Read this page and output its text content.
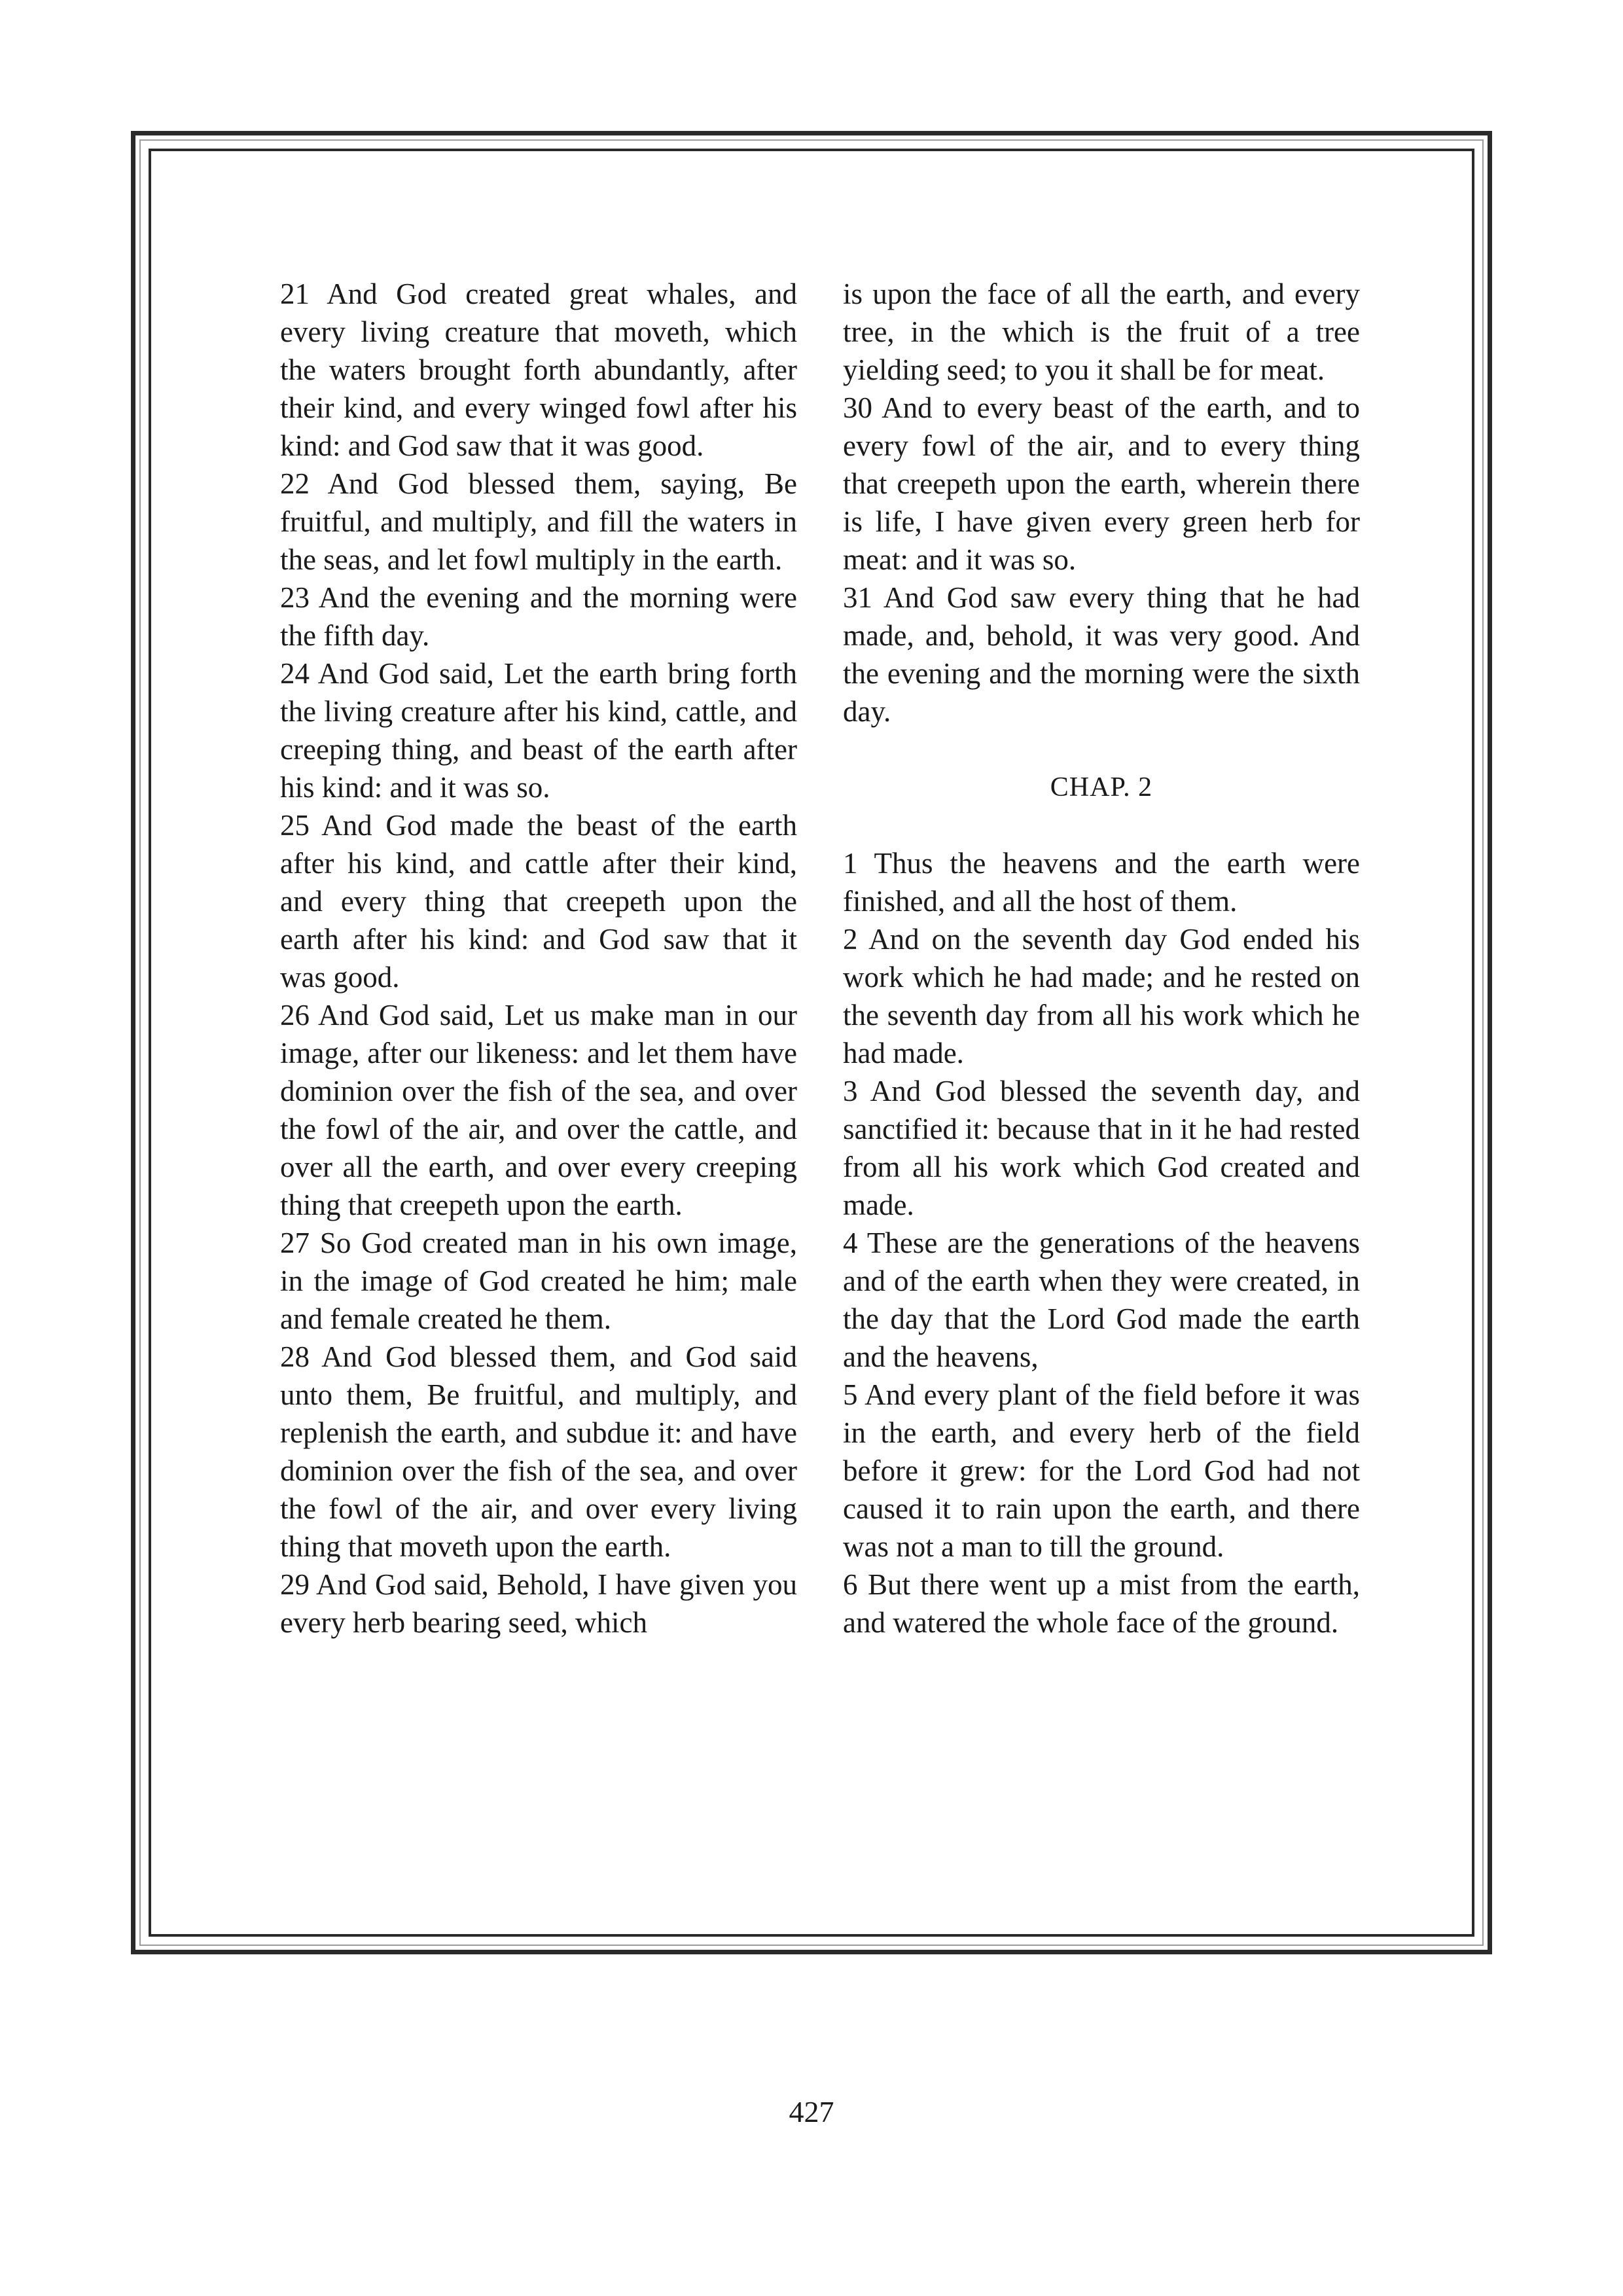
21 And God created great whales, and every living creature that moveth, which the waters brought forth abundantly, after their kind, and every winged fowl after his kind: and God saw that it was good.

22 And God blessed them, saying, Be fruitful, and multiply, and fill the waters in the seas, and let fowl multiply in the earth.

23 And the evening and the morning were the fifth day.

24 And God said, Let the earth bring forth the living creature after his kind, cattle, and creeping thing, and beast of the earth after his kind: and it was so.

25 And God made the beast of the earth after his kind, and cattle after their kind, and every thing that creepeth upon the earth after his kind: and God saw that it was good.

26 And God said, Let us make man in our image, after our likeness: and let them have dominion over the fish of the sea, and over the fowl of the air, and over the cattle, and over all the earth, and over every creeping thing that creepeth upon the earth.

27 So God created man in his own image, in the image of God created he him; male and female created he them.

28 And God blessed them, and God said unto them, Be fruitful, and multiply, and replenish the earth, and subdue it: and have dominion over the fish of the sea, and over the fowl of the air, and over every living thing that moveth upon the earth.

29 And God said, Behold, I have given you every herb bearing seed, which

is upon the face of all the earth, and every tree, in the which is the fruit of a tree yielding seed; to you it shall be for meat.

30 And to every beast of the earth, and to every fowl of the air, and to every thing that creepeth upon the earth, wherein there is life, I have given every green herb for meat: and it was so.

31 And God saw every thing that he had made, and, behold, it was very good. And the evening and the morning were the sixth day.

CHAP. 2

1 Thus the heavens and the earth were finished, and all the host of them.

2 And on the seventh day God ended his work which he had made; and he rested on the seventh day from all his work which he had made.

3 And God blessed the seventh day, and sanctified it: because that in it he had rested from all his work which God created and made.

4 These are the generations of the heavens and of the earth when they were created, in the day that the Lord God made the earth and the heavens,

5 And every plant of the field before it was in the earth, and every herb of the field before it grew: for the Lord God had not caused it to rain upon the earth, and there was not a man to till the ground.

6 But there went up a mist from the earth, and watered the whole face of the ground.

427
